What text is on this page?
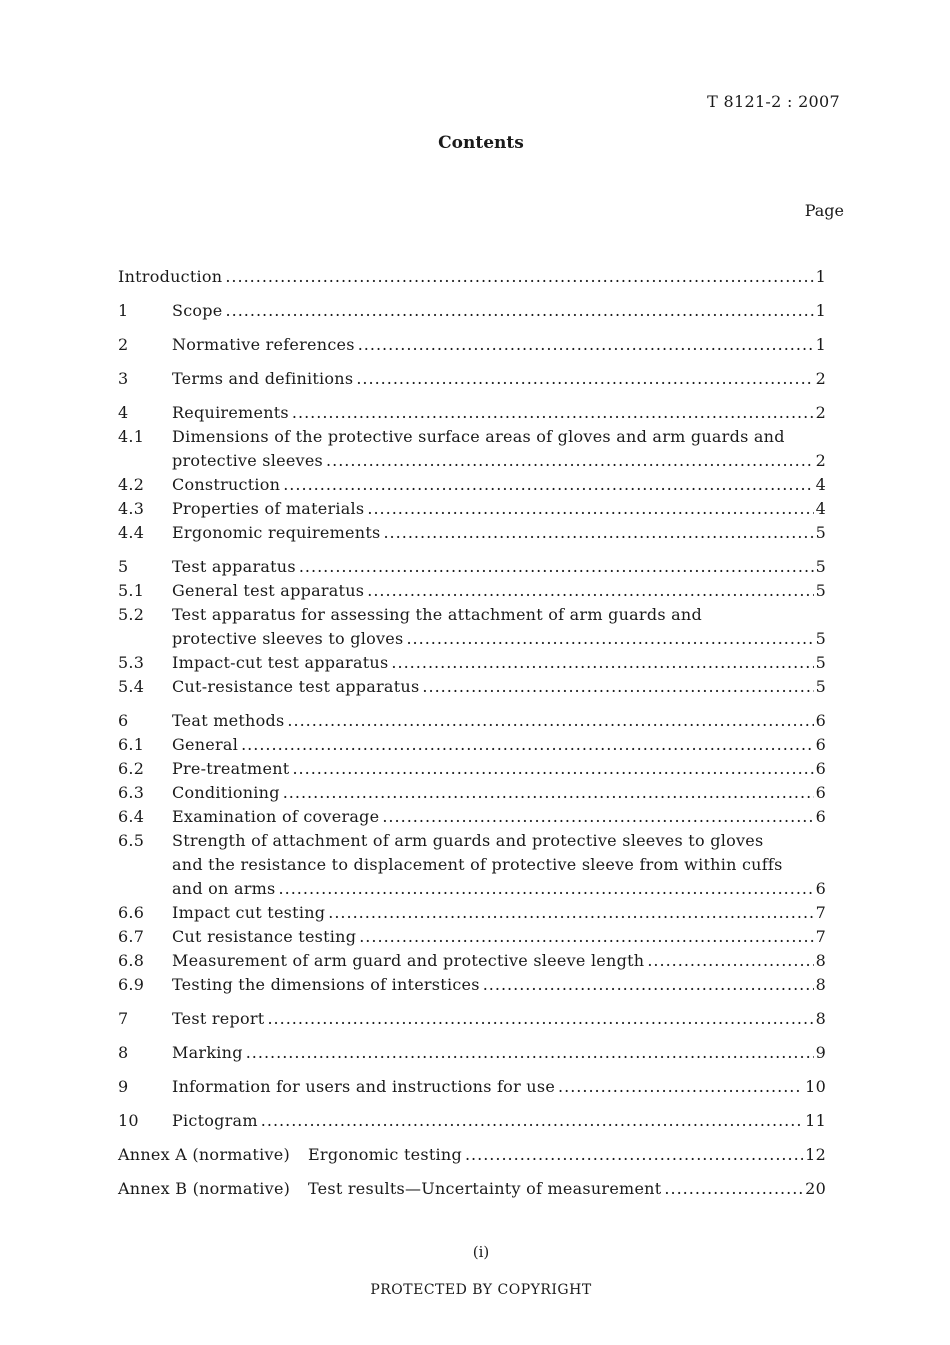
T 8121-2 : 2007
Contents
Page
Introduction .....	1
1	Scope .....	1
2	Normative references .....	1
3	Terms and definitions .....	2
4	Requirements .....	2
4.1	Dimensions of the protective surface areas of gloves and arm guards and
protective sleeves .....	2
4.2	Construction .....	4
4.3	Properties of materials .....	4
4.4	Ergonomic requirements .....	5
5	Test apparatus .....	5
5.1	General test apparatus .....	5
5.2	Test apparatus for assessing the attachment of arm guards and
protective sleeves to gloves .....	5
5.3	Impact-cut test apparatus .....	5
5.4	Cut-resistance test apparatus .....	5
6	Teat methods .....	6
6.1	General .....	6
6.2	Pre-treatment .....	6
6.3	Conditioning .....	6
6.4	Examination of coverage .....	6
6.5	Strength of attachment of arm guards and protective sleeves to gloves
and the resistance to displacement of protective sleeve from within cuffs
and on arms .....	6
6.6	Impact cut testing .....	7
6.7	Cut resistance testing .....	7
6.8	Measurement of arm guard and protective sleeve length .....	8
6.9	Testing the dimensions of interstices .....	8
7	Test report .....	8
8	Marking .....	9
9	Information for users and instructions for use .....	10
10	Pictogram .....	11
Annex A (normative)	Ergonomic testing .....	12
Annex B (normative)	Test results—Uncertainty of measurement .....	20
(i)
PROTECTED BY COPYRIGHT
